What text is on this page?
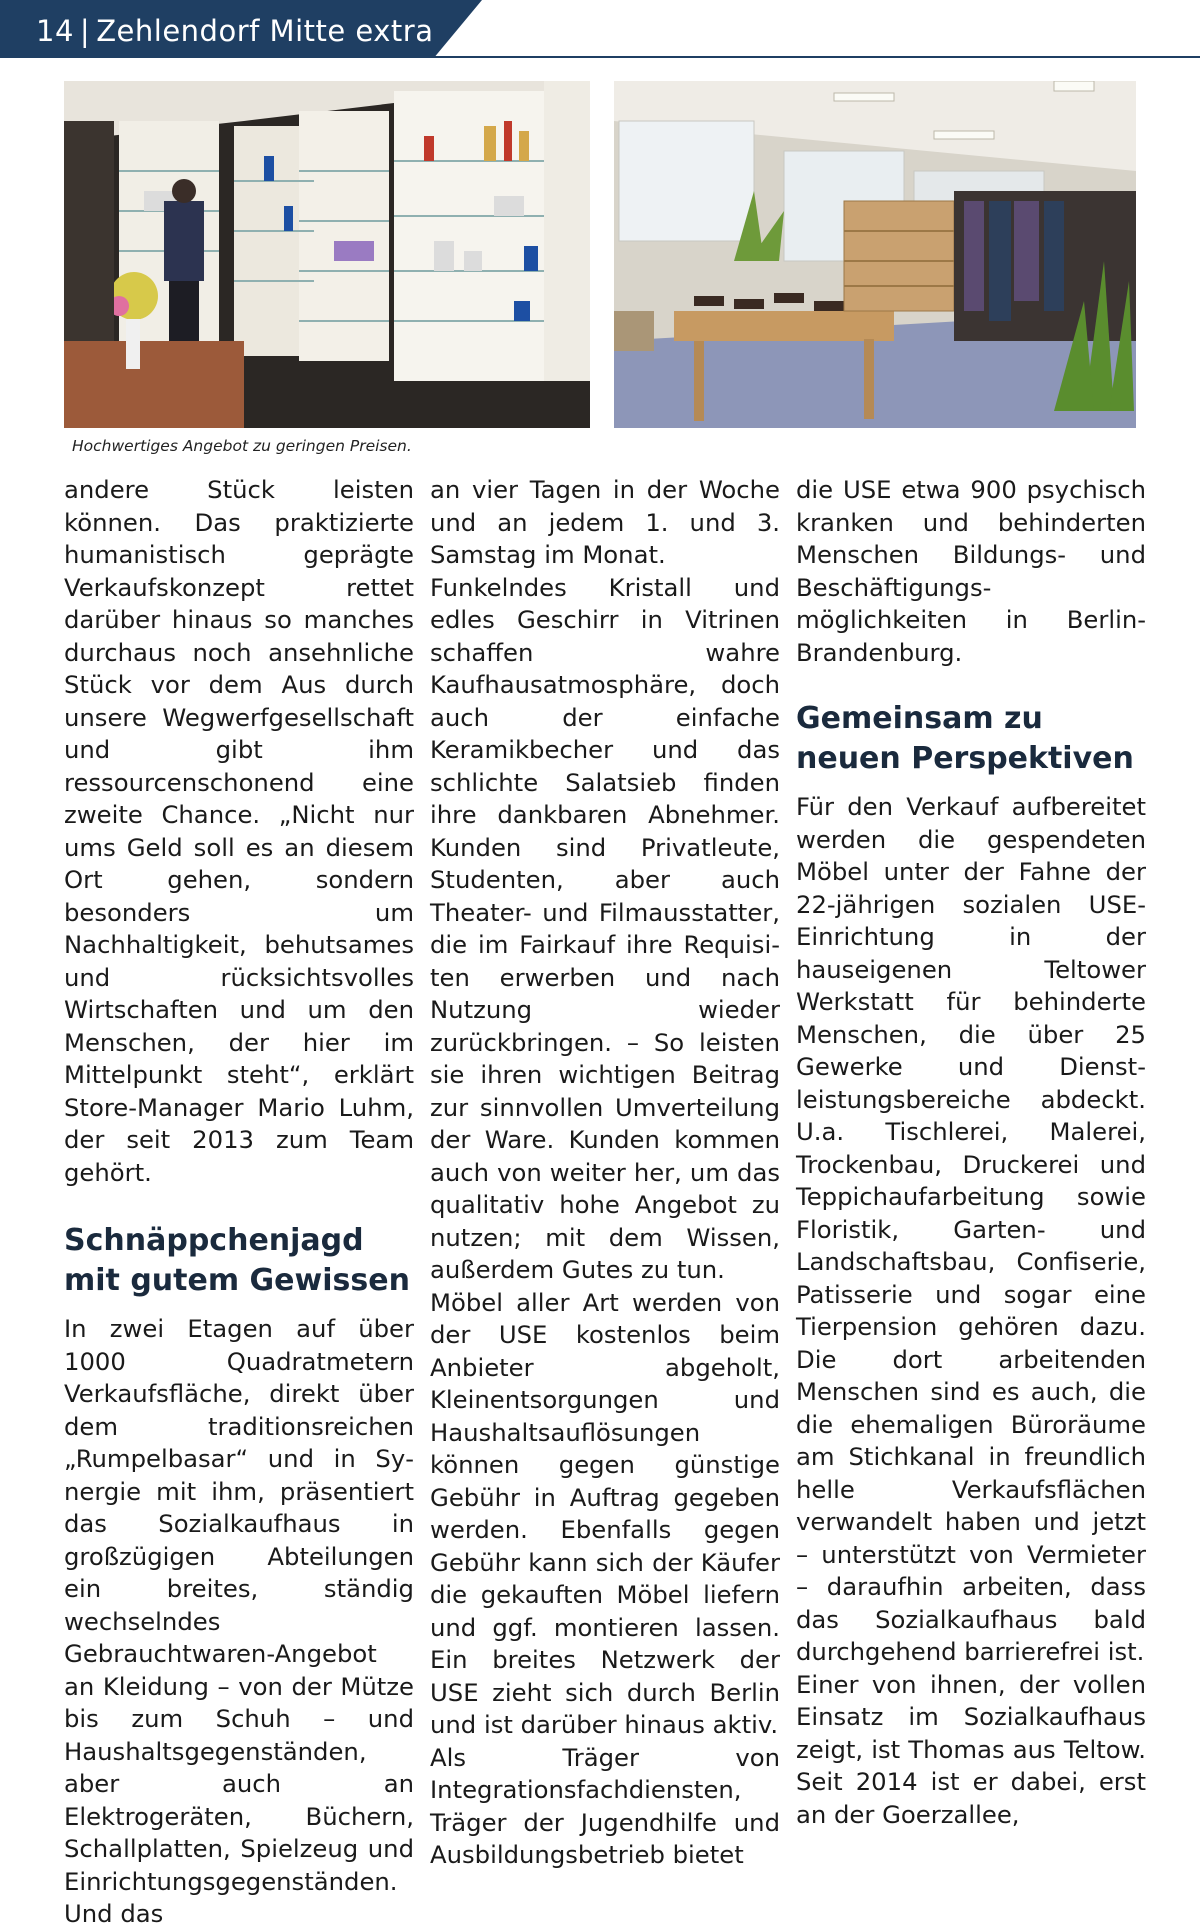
14 | Zehlendorf Mitte extra
Hochwertiges Angebot zu geringen Preisen.

andere Stück leisten können. Das praktizierte humanistisch geprägte Verkaufskonzept rettet darüber hinaus so manches durchaus noch ansehnliche Stück vor dem Aus durch unsere Wegwerfgesellschaft und gibt ihm ressourcenschonend eine zweite Chance. „Nicht nur ums Geld soll es an diesem Ort gehen, sondern besonders um Nachhaltigkeit, behutsames und rücksichtsvolles Wirtschaften und um den Menschen, der hier im Mittelpunkt steht“, erklärt Store-Manager Mario Luhm, der seit 2013 zum Team gehört.

Schnäppchenjagd mit gutem Gewissen

In zwei Etagen auf über 1000 Quadratmetern Verkaufsfläche, direkt über dem traditionsreichen „Rumpelbasar“ und in Synergie mit ihm, präsentiert das Sozialkaufhaus in großzügigen Abteilungen ein breites, ständig wechselndes Gebrauchtwaren-Angebot an Kleidung – von der Mütze bis zum Schuh – und Haushaltsgegenständen, aber auch an Elektrogeräten, Büchern, Schallplatten, Spielzeug und Einrichtungsgegenständen. Und das

an vier Tagen in der Woche und an jedem 1. und 3. Samstag im Monat.

Funkelndes Kristall und edles Geschirr in Vitrinen schaffen wahre Kaufhausatmosphäre, doch auch der einfache Keramikbecher und das schlichte Salatsieb finden ihre dankbaren Abnehmer. Kunden sind Privatleute, Studenten, aber auch Theater- und Filmausstatter, die im Fairkauf ihre Requisiten erwerben und nach Nutzung wieder zurückbringen. – So leisten sie ihren wichtigen Beitrag zur sinnvollen Umverteilung der Ware. Kunden kommen auch von weiter her, um das qualitativ hohe Angebot zu nutzen; mit dem Wissen, außerdem Gutes zu tun.

Möbel aller Art werden von der USE kostenlos beim Anbieter abgeholt, Kleinentsorgungen und Haushaltsauflösungen können gegen günstige Gebühr in Auftrag gegeben werden. Ebenfalls gegen Gebühr kann sich der Käufer die gekauften Möbel liefern und ggf. montieren lassen. Ein breites Netzwerk der USE zieht sich durch Berlin und ist darüber hinaus aktiv.

Als Träger von Integrationsfachdiensten, Träger der Jugendhilfe und Ausbildungsbetrieb bietet

die USE etwa 900 psychisch kranken und behinderten Menschen Bildungs- und Beschäftigungsmöglichkeiten in Berlin-Brandenburg.

Gemeinsam zu neuen Perspektiven

Für den Verkauf aufbereitet werden die gespendeten Möbel unter der Fahne der 22-jährigen sozialen USE-Einrichtung in der hauseigenen Teltower Werkstatt für behinderte Menschen, die über 25 Gewerke und Dienstleistungsbereiche abdeckt. U.a. Tischlerei, Malerei, Trockenbau, Druckerei und Teppichaufarbeitung sowie Floristik, Garten- und Landschaftsbau, Confiserie, Patisserie und sogar eine Tierpension gehören dazu. Die dort arbeitenden Menschen sind es auch, die die ehemaligen Büroräume am Stichkanal in freundlich helle Verkaufsflächen verwandelt haben und jetzt – unterstützt von Vermieter – daraufhin arbeiten, dass das Sozialkaufhaus bald durchgehend barrierefrei ist.

Einer von ihnen, der vollen Einsatz im Sozialkaufhaus zeigt, ist Thomas aus Teltow. Seit 2014 ist er dabei, erst an der Goerzallee,
